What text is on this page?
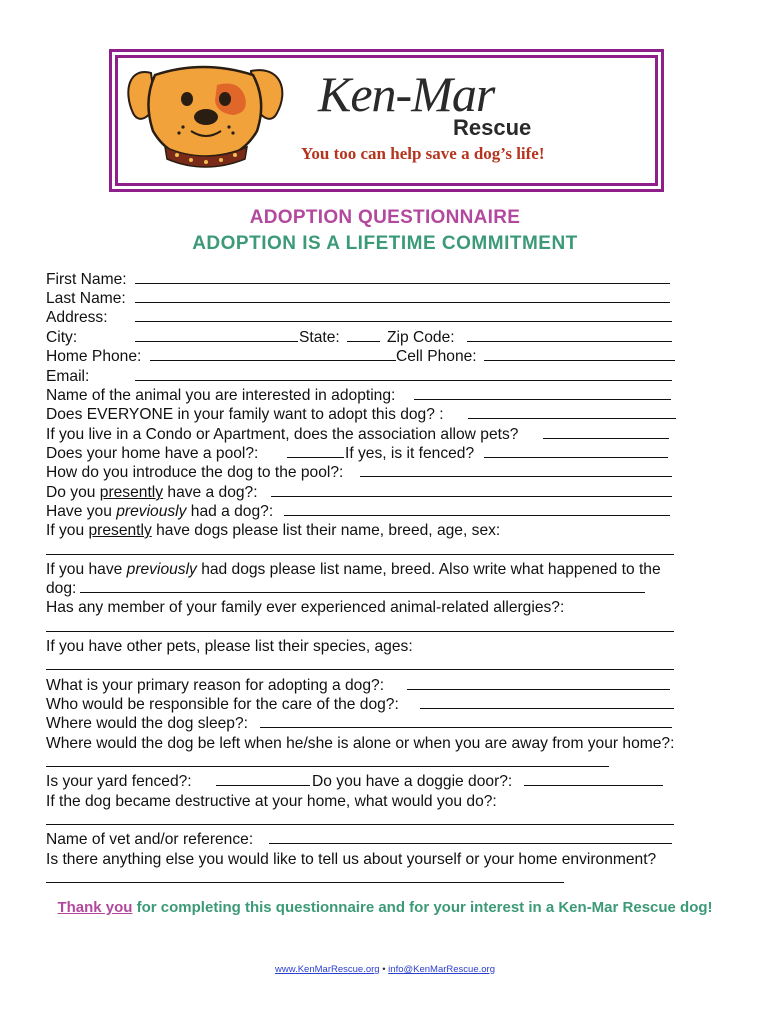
Ken-Mar
Rescue
You too can help save a dog’s life!
ADOPTION QUESTIONNAIRE
ADOPTION IS A LIFETIME COMMITMENT
First Name:
Last Name:
Address:
City:	State:	Zip Code:
Home Phone:	Cell Phone:
Email:
Name of the animal you are interested in adopting:
Does EVERYONE in your family want to adopt this dog? :
If you live in a Condo or Apartment, does the association allow pets?
Does your home have a pool?:	If yes, is it fenced?
How do you introduce the dog to the pool?:
Do you presently have a dog?:
Have you previously had a dog?:
If you presently have dogs please list their name, breed, age, sex:
If you have previously had dogs please list name, breed. Also write what happened to the
dog:
Has any member of your family ever experienced animal-related allergies?:
If you have other pets, please list their species, ages:
What is your primary reason for adopting a dog?:
Who would be responsible for the care of the dog?:
Where would the dog sleep?:
Where would the dog be left when he/she is alone or when you are away from your home?:
Is your yard fenced?:	Do you have a doggie door?:
If the dog became destructive at your home, what would you do?:
Name of vet and/or reference:
Is there anything else you would like to tell us about yourself or your home environment?
Thank you for completing this questionnaire and for your interest in a Ken-Mar Rescue dog!
www.KenMarRescue.org • info@KenMarRescue.org
